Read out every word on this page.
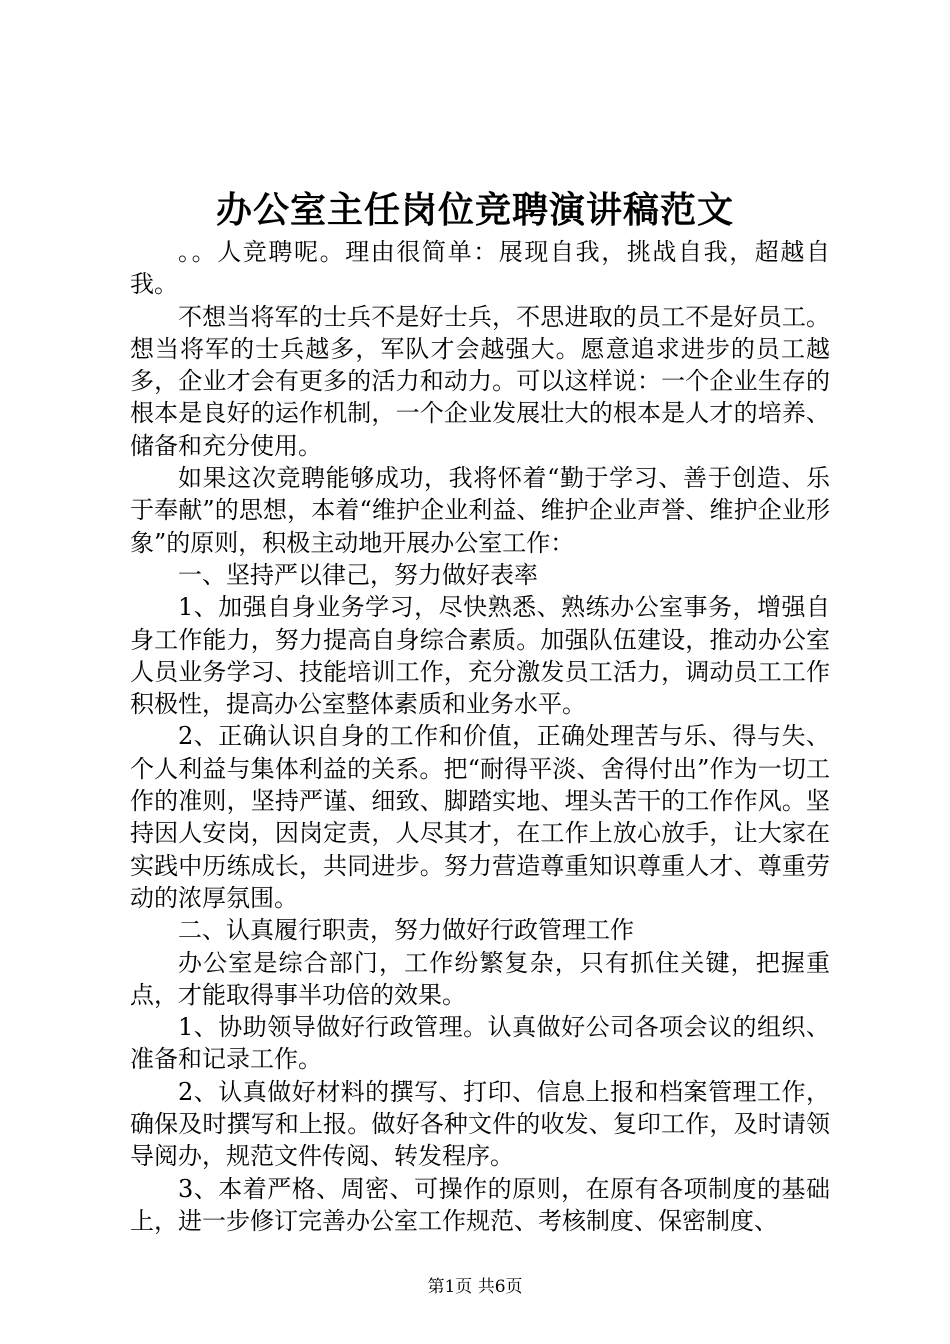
办公室主任岗位竞聘演讲稿范文

。。人竞聘呢。理由很简单：展现自我，挑战自我，超越自我。

不想当将军的士兵不是好士兵，不思进取的员工不是好员工。想当将军的士兵越多，军队才会越强大。愿意追求进步的员工越多，企业才会有更多的活力和动力。可以这样说：一个企业生存的根本是良好的运作机制，一个企业发展壮大的根本是人才的培养、储备和充分使用。

如果这次竞聘能够成功，我将怀着“勤于学习、善于创造、乐于奉献”的思想，本着“维护企业利益、维护企业声誉、维护企业形象”的原则，积极主动地开展办公室工作：

一、坚持严以律己，努力做好表率

1、加强自身业务学习，尽快熟悉、熟练办公室事务，增强自身工作能力，努力提高自身综合素质。加强队伍建设，推动办公室人员业务学习、技能培训工作，充分激发员工活力，调动员工工作积极性，提高办公室整体素质和业务水平。

2、正确认识自身的工作和价值，正确处理苦与乐、得与失、个人利益与集体利益的关系。把“耐得平淡、舍得付出”作为一切工作的准则，坚持严谨、细致、脚踏实地、埋头苦干的工作作风。坚持因人安岗，因岗定责，人尽其才，在工作上放心放手，让大家在实践中历练成长，共同进步。努力营造尊重知识尊重人才、尊重劳动的浓厚氛围。

二、认真履行职责，努力做好行政管理工作

办公室是综合部门，工作纷繁复杂，只有抓住关键，把握重点，才能取得事半功倍的效果。

1、协助领导做好行政管理。认真做好公司各项会议的组织、准备和记录工作。

2、认真做好材料的撰写、打印、信息上报和档案管理工作，确保及时撰写和上报。做好各种文件的收发、复印工作，及时请领导阅办，规范文件传阅、转发程序。

3、本着严格、周密、可操作的原则，在原有各项制度的基础上，进一步修订完善办公室工作规范、考核制度、保密制度、

第1页 共6页
